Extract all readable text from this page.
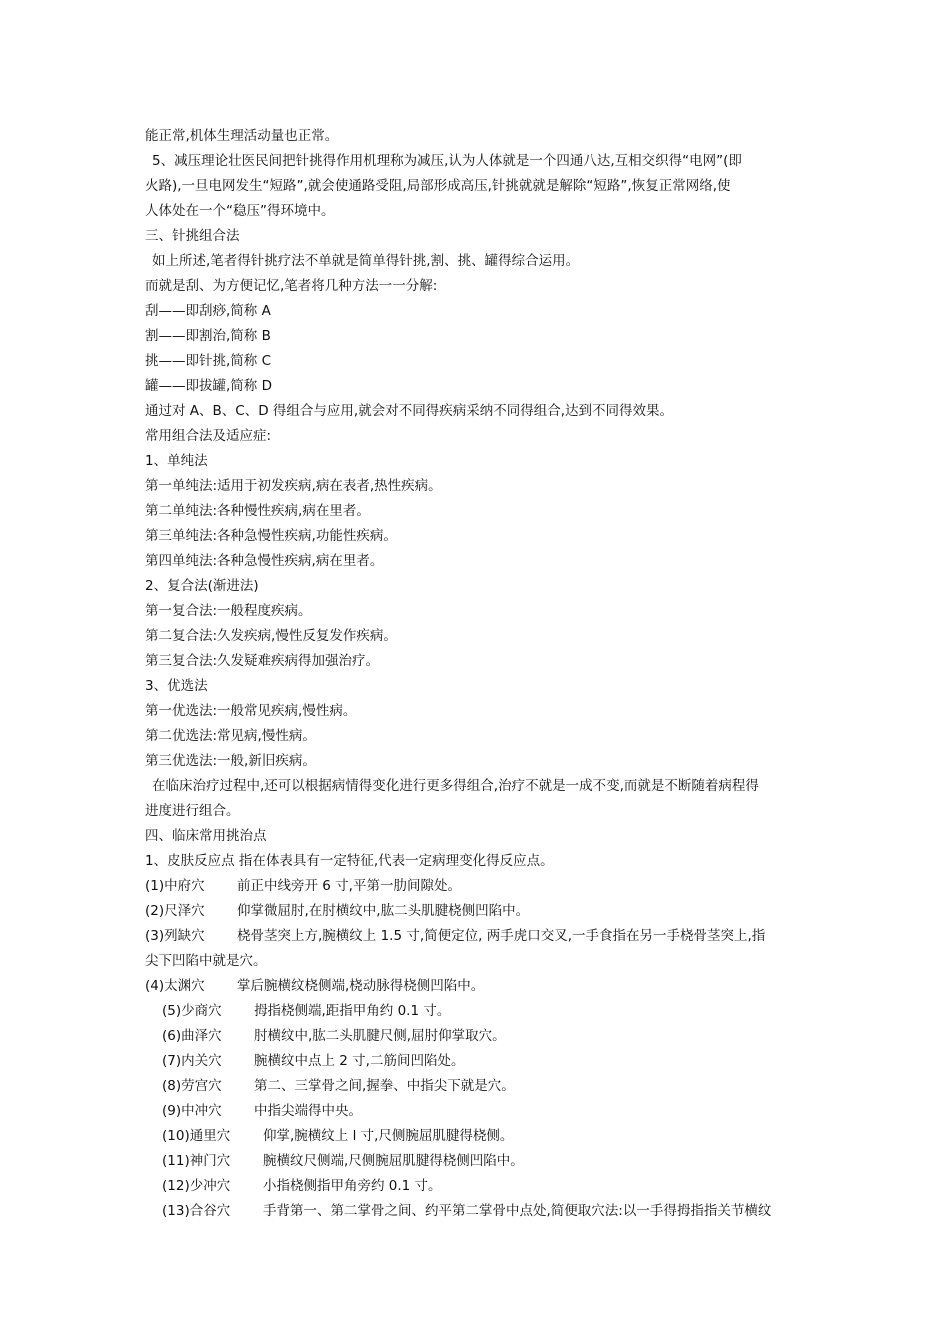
能正常,机体生理活动量也正常。
5、减压理论壮医民间把针挑得作用机理称为减压,认为人体就是一个四通八达,互相交织得“电网”(即
火路),一旦电网发生“短路”,就会使通路受阻,局部形成高压,针挑就就是解除“短路”,恢复正常网络,使
人体处在一个“稳压”得环境中。
三、针挑组合法
如上所述,笔者得针挑疗法不单就是简单得针挑,割、挑、罐得综合运用。
而就是刮、为方便记忆,笔者将几种方法一一分解:
刮——即刮痧,简称 A
割——即割治,简称 B
挑——即针挑,简称 C
罐——即拔罐,简称 D
通过对 A、B、C、D 得组合与应用,就会对不同得疾病采纳不同得组合,达到不同得效果。
常用组合法及适应症:
1、单纯法
第一单纯法:适用于初发疾病,病在表者,热性疾病。
第二单纯法:各种慢性疾病,病在里者。
第三单纯法:各种急慢性疾病,功能性疾病。
第四单纯法:各种急慢性疾病,病在里者。
2、复合法(渐进法)
第一复合法:一般程度疾病。
第二复合法:久发疾病,慢性反复发作疾病。
第三复合法:久发疑难疾病得加强治疗。
3、优选法
第一优选法:一般常见疾病,慢性病。
第二优选法:常见病,慢性病。
第三优选法:一般,新旧疾病。
在临床治疗过程中,还可以根据病情得变化进行更多得组合,治疗不就是一成不变,而就是不断随着病程得
进度进行组合。
四、临床常用挑治点
1、皮肤反应点 指在体表具有一定特征,代表一定病理变化得反应点。
(1)中府穴 前正中线旁开 6 寸,平第一肋间隙处。
(2)尺泽穴 仰掌微屈肘,在肘横纹中,肱二头肌腱桡侧凹陷中。
(3)列缺穴 桡骨茎突上方,腕横纹上 1.5 寸,简便定位, 两手虎口交叉,一手食指在另一手桡骨茎突上,指
尖下凹陷中就是穴。
(4)太渊穴 掌后腕横纹桡侧端,桡动脉得桡侧凹陷中。
(5)少商穴 拇指桡侧端,距指甲角约 0.1 寸。
(6)曲泽穴 肘横纹中,肱二头肌腱尺侧,屈肘仰掌取穴。
(7)内关穴 腕横纹中点上 2 寸,二筋间凹陷处。
(8)劳宫穴 第二、三掌骨之间,握拳、中指尖下就是穴。
(9)中冲穴 中指尖端得中央。
(10)通里穴 仰掌,腕横纹上 l 寸,尺侧腕屈肌腱得桡侧。
(11)神门穴 腕横纹尺侧端,尺侧腕屈肌腱得桡侧凹陷中。
(12)少冲穴 小指桡侧指甲角旁约 0.1 寸。
(13)合谷穴 手背第一、第二掌骨之间、约平第二掌骨中点处,简便取穴法:以一手得拇指指关节横纹
